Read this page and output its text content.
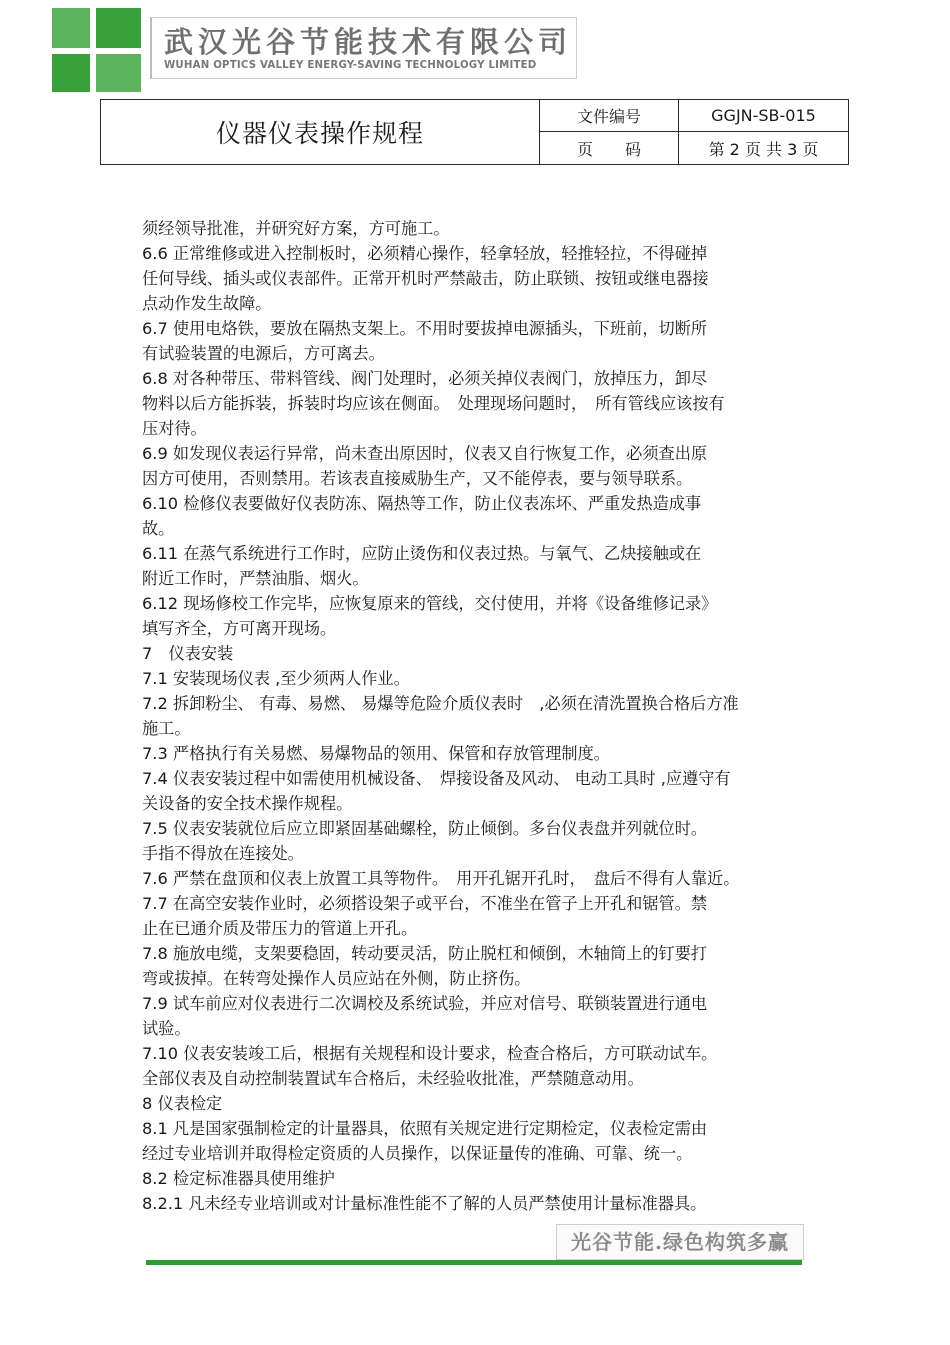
武汉光谷节能技术有限公司
WUHAN OPTICS VALLEY ENERGY-SAVING TECHNOLOGY LIMITED
仪器仪表操作规程	文件编号	GGJN-SB-015
	页　　码	第 2 页 共 3 页
须经领导批准，并研究好方案，方可施工。
6.6 正常维修或进入控制板时，必须精心操作，轻拿轻放，轻推轻拉，不得碰掉
任何导线、插头或仪表部件。正常开机时严禁敲击，防止联锁、按钮或继电器接
点动作发生故障。
6.7 使用电烙铁，要放在隔热支架上。不用时要拔掉电源插头，下班前，切断所
有试验装置的电源后，方可离去。
6.8 对各种带压、带料管线、阀门处理时，必须关掉仪表阀门，放掉压力，卸尽
物料以后方能拆装，拆装时均应该在侧面。　处理现场问题时，　所有管线应该按有
压对待。
6.9 如发现仪表运行异常，尚未查出原因时，仪表又自行恢复工作，必须查出原
因方可使用，否则禁用。若该表直接威胁生产，又不能停表，要与领导联系。
6.10 检修仪表要做好仪表防冻、隔热等工作，防止仪表冻坏、严重发热造成事
故。
6.11 在蒸气系统进行工作时，应防止烫伤和仪表过热。与氧气、乙炔接触或在
附近工作时，严禁油脂、烟火。
6.12 现场修校工作完毕，应恢复原来的管线，交付使用，并将《设备维修记录》
填写齐全，方可离开现场。
7　仪表安装
7.1 安装现场仪表 ,至少须两人作业。
7.2 拆卸粉尘、 有毒、易燃、 易爆等危险介质仪表时　,必须在清洗置换合格后方准
施工。
7.3 严格执行有关易燃、易爆物品的领用、保管和存放管理制度。
7.4 仪表安装过程中如需使用机械设备、　焊接设备及风动、 电动工具时 ,应遵守有
关设备的安全技术操作规程。
7.5 仪表安装就位后应立即紧固基础螺栓，防止倾倒。多台仪表盘并列就位时。
手指不得放在连接处。
7.6 严禁在盘顶和仪表上放置工具等物件。　用开孔锯开孔时，　盘后不得有人靠近。
7.7 在高空安装作业时，必须搭设架子或平台，不准坐在管子上开孔和锯管。禁
止在已通介质及带压力的管道上开孔。
7.8 施放电缆，支架要稳固，转动要灵活，防止脱杠和倾倒，木轴筒上的钉要打
弯或拔掉。在转弯处操作人员应站在外侧，防止挤伤。
7.9 试车前应对仪表进行二次调校及系统试验，并应对信号、联锁装置进行通电
试验。
7.10 仪表安装竣工后，根据有关规程和设计要求，检查合格后，方可联动试车。
全部仪表及自动控制装置试车合格后，未经验收批准，严禁随意动用。
8 仪表检定
8.1 凡是国家强制检定的计量器具，依照有关规定进行定期检定，仪表检定需由
经过专业培训并取得检定资质的人员操作，以保证量传的准确、可靠、统一。
8.2 检定标准器具使用维护
8.2.1 凡未经专业培训或对计量标准性能不了解的人员严禁使用计量标准器具。
光谷节能.绿色构筑多赢
